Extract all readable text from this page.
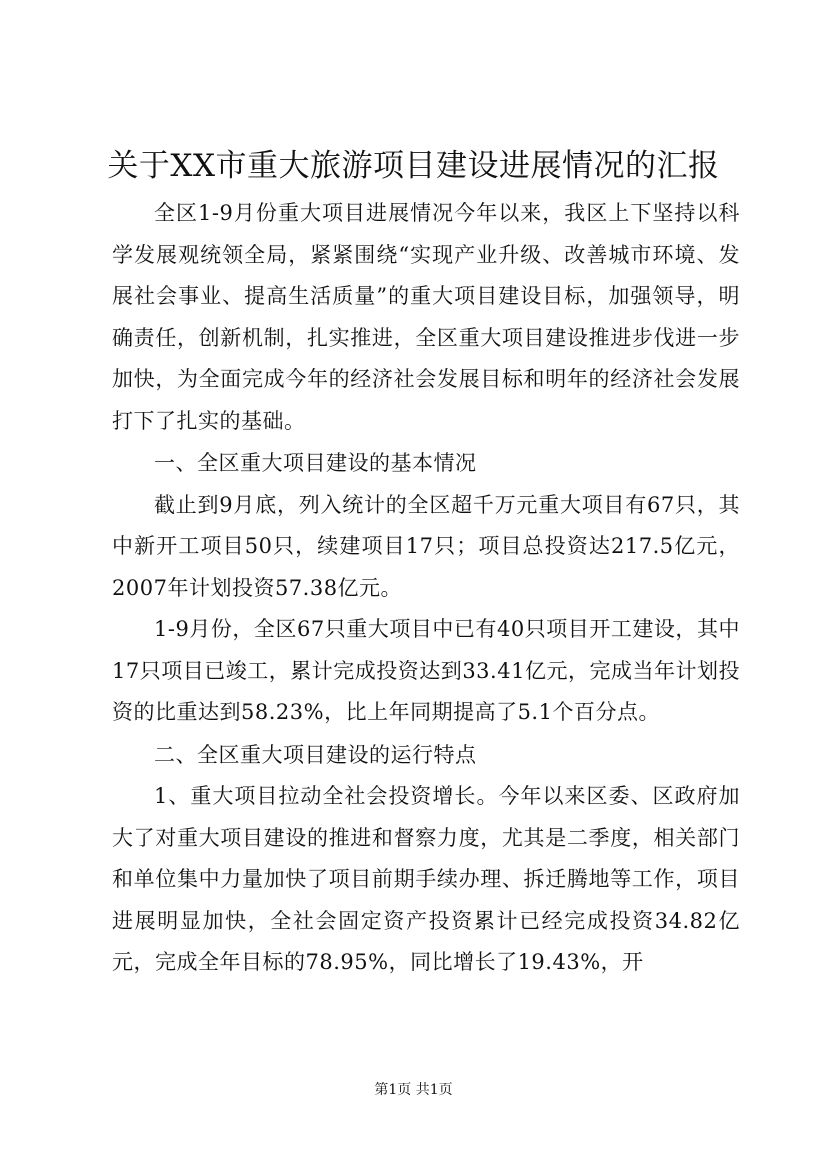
关于XX市重大旅游项目建设进展情况的汇报

全区1-9月份重大项目进展情况今年以来，我区上下坚持以科学发展观统领全局，紧紧围绕“实现产业升级、改善城市环境、发展社会事业、提高生活质量”的重大项目建设目标，加强领导，明确责任，创新机制，扎实推进，全区重大项目建设推进步伐进一步加快，为全面完成今年的经济社会发展目标和明年的经济社会发展打下了扎实的基础。

一、全区重大项目建设的基本情况

截止到9月底，列入统计的全区超千万元重大项目有67只，其中新开工项目50只，续建项目17只；项目总投资达217.5亿元，2007年计划投资57.38亿元。

1-9月份，全区67只重大项目中已有40只项目开工建设，其中17只项目已竣工，累计完成投资达到33.41亿元，完成当年计划投资的比重达到58.23%，比上年同期提高了5.1个百分点。

二、全区重大项目建设的运行特点

1、重大项目拉动全社会投资增长。今年以来区委、区政府加大了对重大项目建设的推进和督察力度，尤其是二季度，相关部门和单位集中力量加快了项目前期手续办理、拆迁腾地等工作，项目进展明显加快，全社会固定资产投资累计已经完成投资34.82亿元，完成全年目标的78.95%，同比增长了19.43%，开

第1页 共1页
